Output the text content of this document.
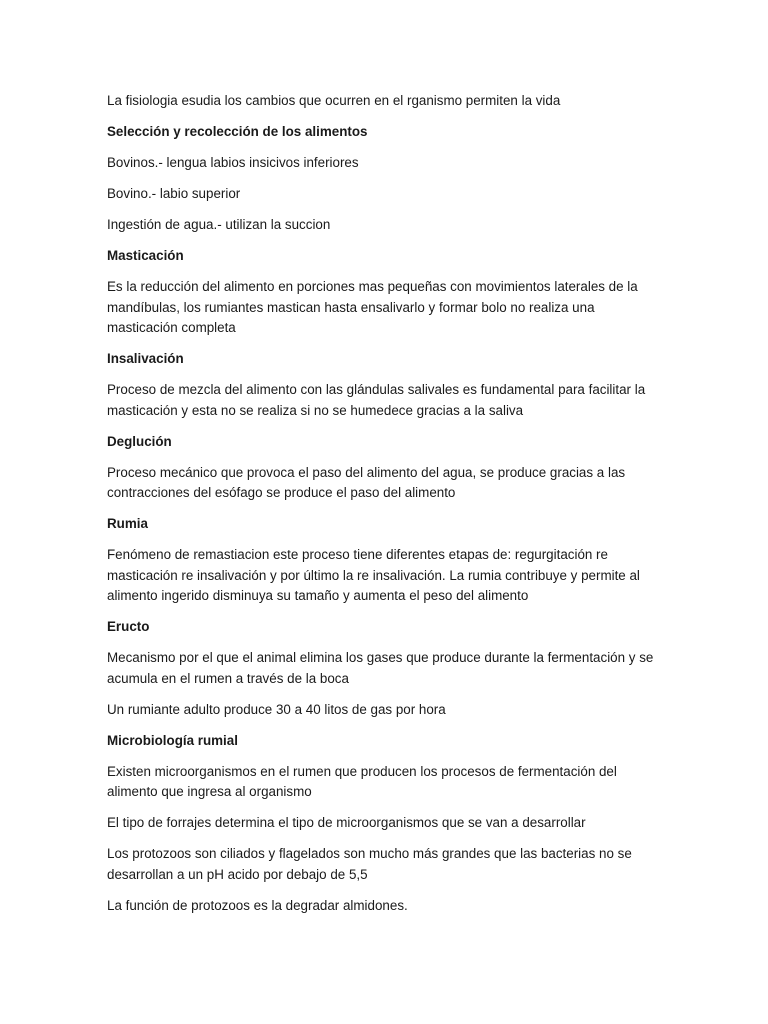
La fisiologia esudia los cambios que ocurren en el rganismo permiten la vida

Selección y recolección de los alimentos

Bovinos.- lengua labios insicivos inferiores

Bovino.- labio superior

Ingestión de agua.- utilizan la succion

Masticación

Es la reducción del alimento en porciones mas pequeñas con movimientos laterales de la mandíbulas, los rumiantes mastican hasta ensalivarlo y formar bolo no realiza una masticación completa

Insalivación

Proceso de mezcla del alimento con las glándulas salivales es fundamental para facilitar la masticación y esta no se realiza si no se humedece gracias a la saliva

Deglución

Proceso mecánico que provoca el paso del alimento del agua, se produce gracias a las contracciones del esófago se produce el paso del alimento

Rumia

Fenómeno de remastiacion este proceso tiene diferentes etapas de: regurgitación re masticación re insalivación y por último la re insalivación. La rumia contribuye y permite al alimento ingerido disminuya su tamaño y aumenta el peso del alimento

Eructo

Mecanismo por el que el animal elimina los gases que produce durante la fermentación y se acumula en el rumen a través de la boca

Un rumiante adulto produce 30 a 40 litos de gas por hora

Microbiología rumial

Existen microorganismos en el rumen que producen los procesos de fermentación del alimento que ingresa al organismo

El tipo de forrajes determina el tipo de microorganismos que se van a desarrollar

Los protozoos son ciliados y flagelados son mucho más grandes que las bacterias no se desarrollan a un pH acido por debajo de 5,5

La función de protozoos es la degradar almidones.
